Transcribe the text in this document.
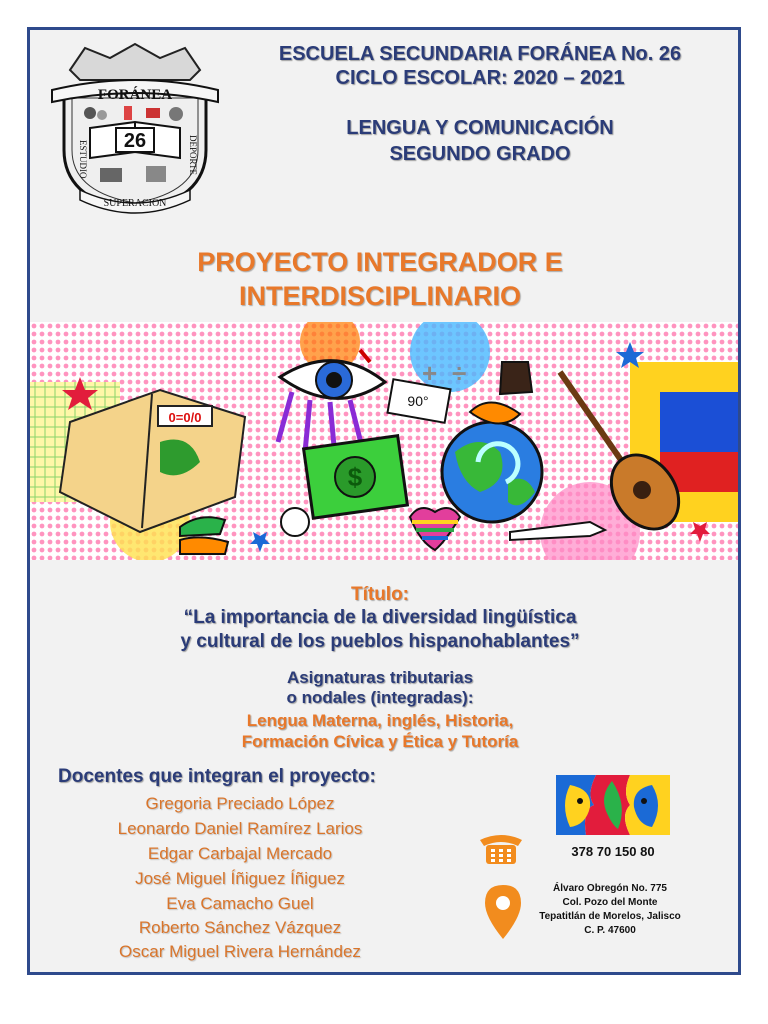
FORÁNEA
26
ESTUDIO	DEPORTE
SUPERACION
ESCUELA SECUNDARIA FORÁNEA No. 26
CICLO ESCOLAR: 2020 – 2021
LENGUA Y COMUNICACIÓN
SEGUNDO GRADO
PROYECTO INTEGRADOR E
INTERDISCIPLINARIO
0=0/0
$
90°
+ ÷
Título:
“La importancia de la diversidad lingüística
y cultural de los pueblos hispanohablantes”
Asignaturas tributarias
o nodales (integradas):
Lengua Materna, inglés, Historia,
Formación Cívica y Ética y Tutoría
Docentes que integran el proyecto:
Gregoria Preciado López
Leonardo Daniel Ramírez Larios
Edgar Carbajal Mercado
José Miguel Íñiguez Íñiguez
Eva Camacho Guel
Roberto Sánchez Vázquez
Oscar Miguel Rivera Hernández
378 70 150 80
Álvaro Obregón No. 775
Col. Pozo del Monte
Tepatitlán de Morelos, Jalisco
C. P. 47600
